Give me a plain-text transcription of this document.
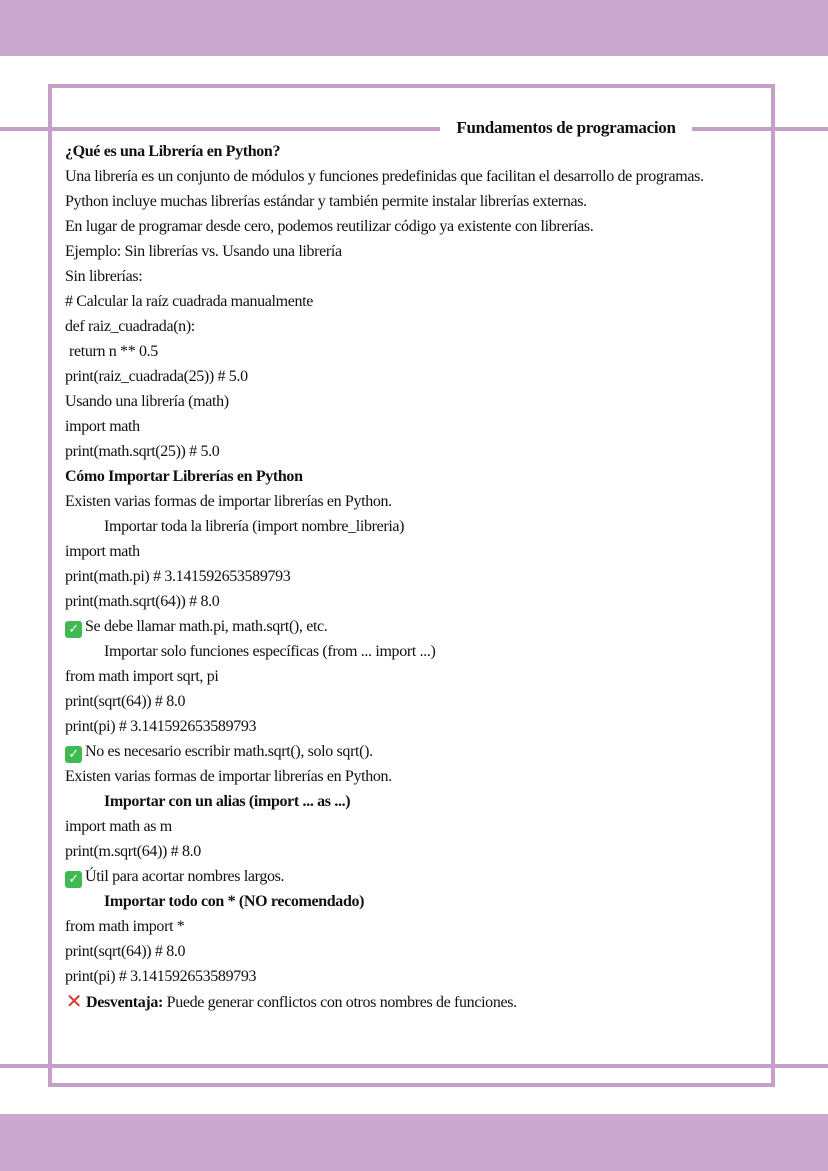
Fundamentos de programacion
¿Qué es una Librería en Python?
Una librería es un conjunto de módulos y funciones predefinidas que facilitan el desarrollo de programas.
Python incluye muchas librerías estándar y también permite instalar librerías externas.
En lugar de programar desde cero, podemos reutilizar código ya existente con librerías.
Ejemplo: Sin librerías vs. Usando una librería
Sin librerías:
# Calcular la raíz cuadrada manualmente
def raiz_cuadrada(n):
return n ** 0.5
print(raiz_cuadrada(25)) # 5.0
Usando una librería (math)
import math
print(math.sqrt(25)) # 5.0
Cómo Importar Librerías en Python
Existen varias formas de importar librerías en Python.
Importar toda la librería (import nombre_libreria)
import math
print(math.pi) # 3.141592653589793
print(math.sqrt(64)) # 8.0
✓ Se debe llamar math.pi, math.sqrt(), etc.
Importar solo funciones específicas (from ... import ...)
from math import sqrt, pi
print(sqrt(64)) # 8.0
print(pi) # 3.141592653589793
✓ No es necesario escribir math.sqrt(), solo sqrt().
Existen varias formas de importar librerías en Python.
Importar con un alias (import ... as ...)
import math as m
print(m.sqrt(64)) # 8.0
✓ Útil para acortar nombres largos.
Importar todo con * (NO recomendado)
from math import *
print(sqrt(64)) # 8.0
print(pi) # 3.141592653589793
✕ Desventaja: Puede generar conflictos con otros nombres de funciones.
